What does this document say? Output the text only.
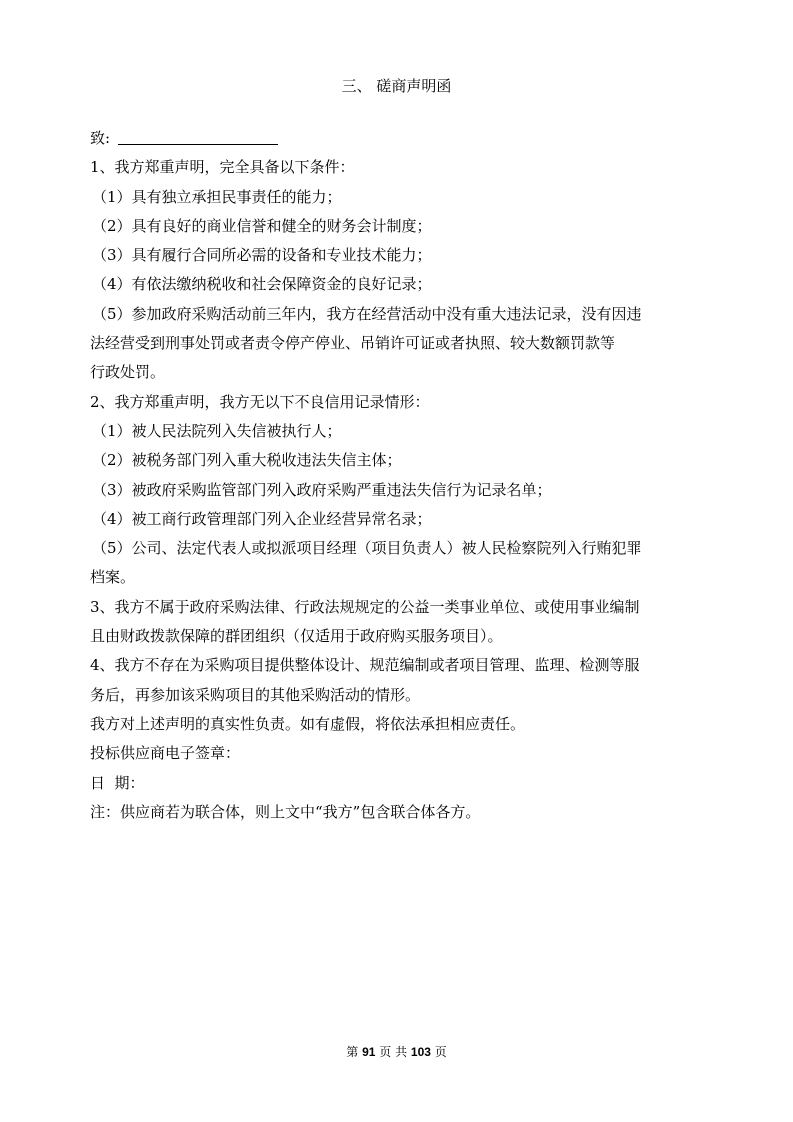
三、 磋商声明函
致:
1、我方郑重声明，完全具备以下条件：
（1）具有独立承担民事责任的能力；
（2）具有良好的商业信誉和健全的财务会计制度；
（3）具有履行合同所必需的设备和专业技术能力；
（4）有依法缴纳税收和社会保障资金的良好记录；
（5）参加政府采购活动前三年内，我方在经营活动中没有重大违法记录，没有因违
法经营受到刑事处罚或者责令停产停业、吊销许可证或者执照、较大数额罚款等
行政处罚。
2、我方郑重声明，我方无以下不良信用记录情形：
（1）被人民法院列入失信被执行人；
（2）被税务部门列入重大税收违法失信主体；
（3）被政府采购监管部门列入政府采购严重违法失信行为记录名单；
（4）被工商行政管理部门列入企业经营异常名录；
（5）公司、法定代表人或拟派项目经理（项目负责人）被人民检察院列入行贿犯罪
档案。
3、我方不属于政府采购法律、行政法规规定的公益一类事业单位、或使用事业编制
且由财政拨款保障的群团组织（仅适用于政府购买服务项目）。
4、我方不存在为采购项目提供整体设计、规范编制或者项目管理、监理、检测等服
务后，再参加该采购项目的其他采购活动的情形。
我方对上述声明的真实性负责。如有虚假，将依法承担相应责任。
投标供应商电子签章：
日  期：
注：供应商若为联合体，则上文中“我方”包含联合体各方。
第 91 页 共 103 页
